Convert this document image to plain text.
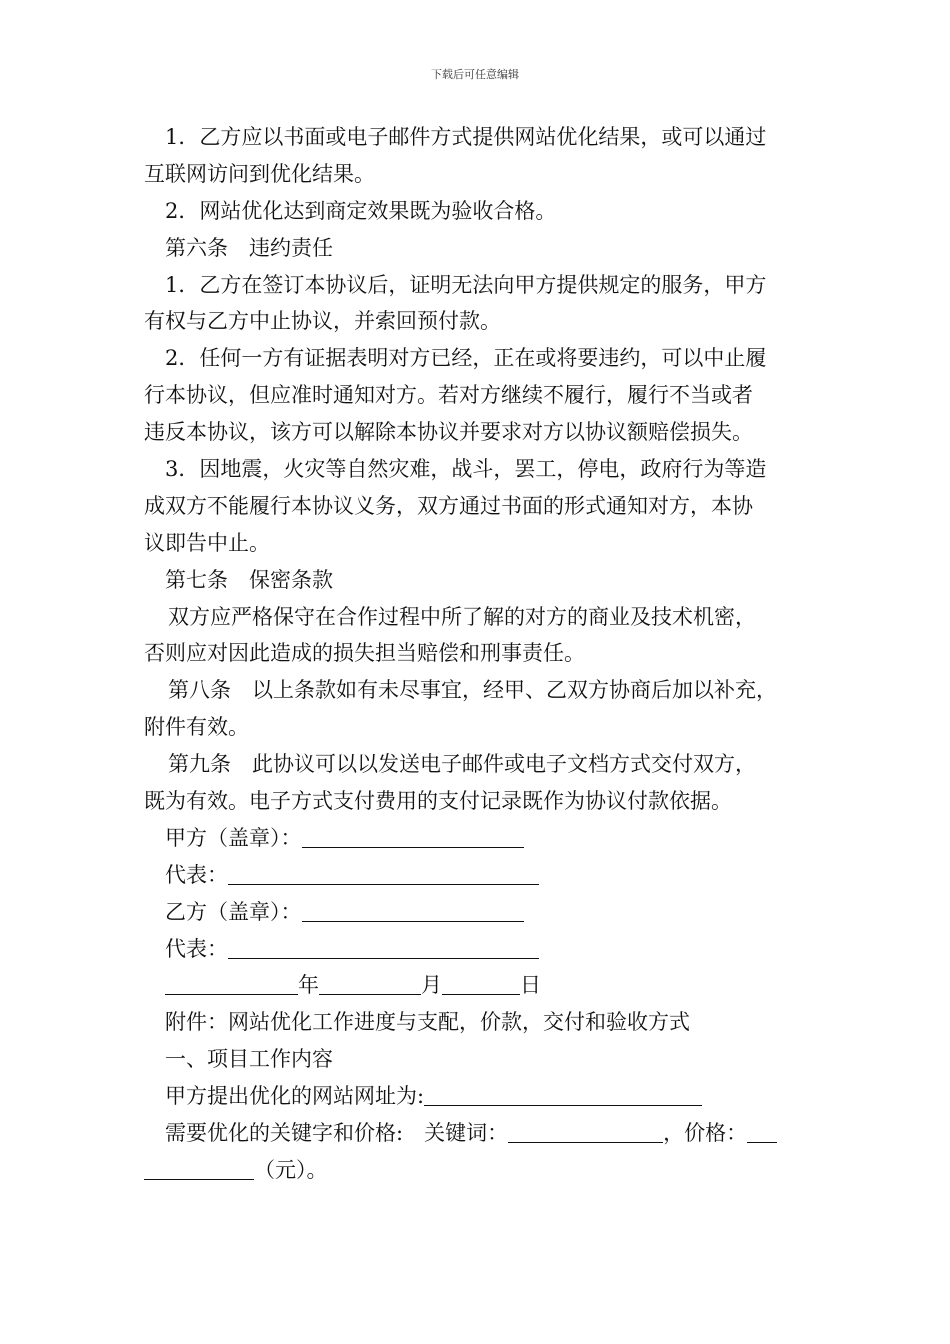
下载后可任意编辑
1．乙方应以书面或电子邮件方式提供网站优化结果，或可以通过
互联网访问到优化结果。
2．网站优化达到商定效果既为验收合格。
第六条 违约责任
1．乙方在签订本协议后，证明无法向甲方提供规定的服务，甲方
有权与乙方中止协议，并索回预付款。
2．任何一方有证据表明对方已经，正在或将要违约，可以中止履
行本协议，但应准时通知对方。若对方继续不履行，履行不当或者
违反本协议，该方可以解除本协议并要求对方以协议额赔偿损失。
3．因地震，火灾等自然灾难，战斗，罢工，停电，政府行为等造
成双方不能履行本协议义务，双方通过书面的形式通知对方，本协
议即告中止。
第七条 保密条款
双方应严格保守在合作过程中所了解的对方的商业及技术机密，
否则应对因此造成的损失担当赔偿和刑事责任。
第八条 以上条款如有未尽事宜，经甲、乙双方协商后加以补充，
附件有效。
第九条 此协议可以以发送电子邮件或电子文档方式交付双方，
既为有效。电子方式支付费用的支付记录既作为协议付款依据。
甲方（盖章）：
代表：
乙方（盖章）：
代表：
年	月	日
附件：网站优化工作进度与支配，价款，交付和验收方式
一、项目工作内容
甲方提出优化的网站网址为:
需要优化的关键字和价格: 关键词：	，价格：
（元）。
